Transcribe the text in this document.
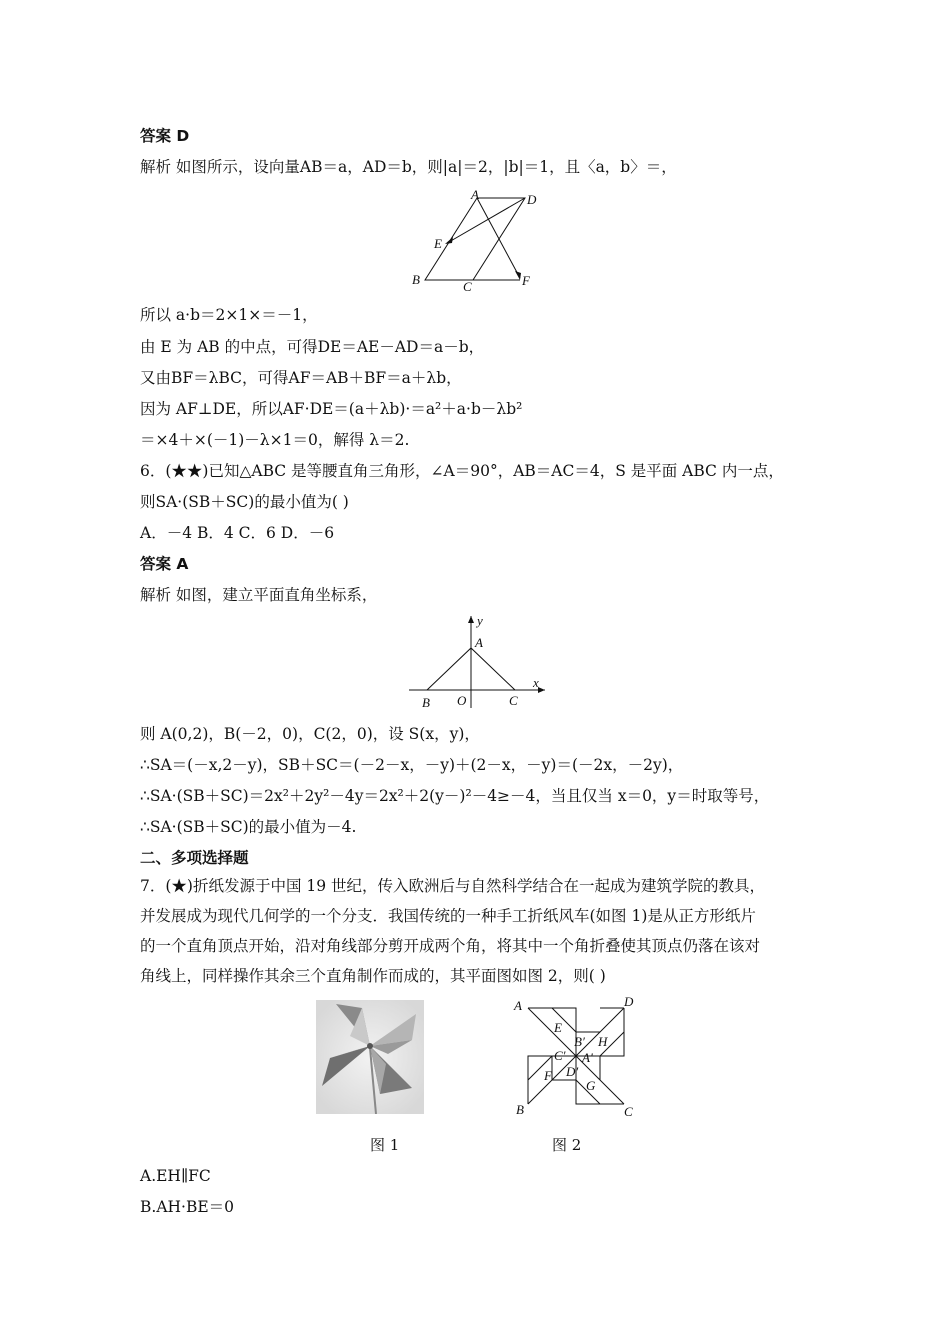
答案 D
解析 如图所示，设向量AB＝a，AD＝b，则|a|＝2，|b|＝1，且〈a，b〉＝，
A	D
E
B	C	F
所以 a·b＝2×1×＝－1，
由 E 为 AB 的中点，可得DE＝AE－AD＝a－b，
又由BF＝λBC，可得AF＝AB＋BF＝a＋λb，
因为 AF⊥DE，所以AF·DE＝(a＋λb)·＝a²＋a·b－λb²
＝×4＋×(－1)－λ×1＝0，解得 λ＝2.
6．(★★)已知△ABC 是等腰直角三角形，∠A＝90°，AB＝AC＝4，S 是平面 ABC 内一点，
则SA·(SB＋SC)的最小值为( )
A．－4 B．4 C．6 D．－6
答案 A
解析 如图，建立平面直角坐标系，
y
A
x
B O	C
则 A(0,2)，B(－2，0)，C(2，0)，设 S(x，y)，
∴SA＝(－x,2－y)，SB＋SC＝(－2－x，－y)＋(2－x，－y)＝(－2x，－2y)，
∴SA·(SB＋SC)＝2x²＋2y²－4y＝2x²＋2(y－)²－4≥－4，当且仅当 x＝0，y＝时取等号，
∴SA·(SB＋SC)的最小值为－4.
二、多项选择题
7．(★)折纸发源于中国 19 世纪，传入欧洲后与自然科学结合在一起成为建筑学院的教具，
并发展成为现代几何学的一个分支．我国传统的一种手工折纸风车(如图 1)是从正方形纸片
的一个直角顶点开始，沿对角线部分剪开成两个角，将其中一个角折叠使其顶点仍落在该对
角线上，同样操作其余三个直角制作而成的，其平面图如图 2，则( )
A	D
E
B′ H
C′ A′
F D′
G
B	C
图 1	图 2
A.EH∥FC
B.AH·BE＝0
